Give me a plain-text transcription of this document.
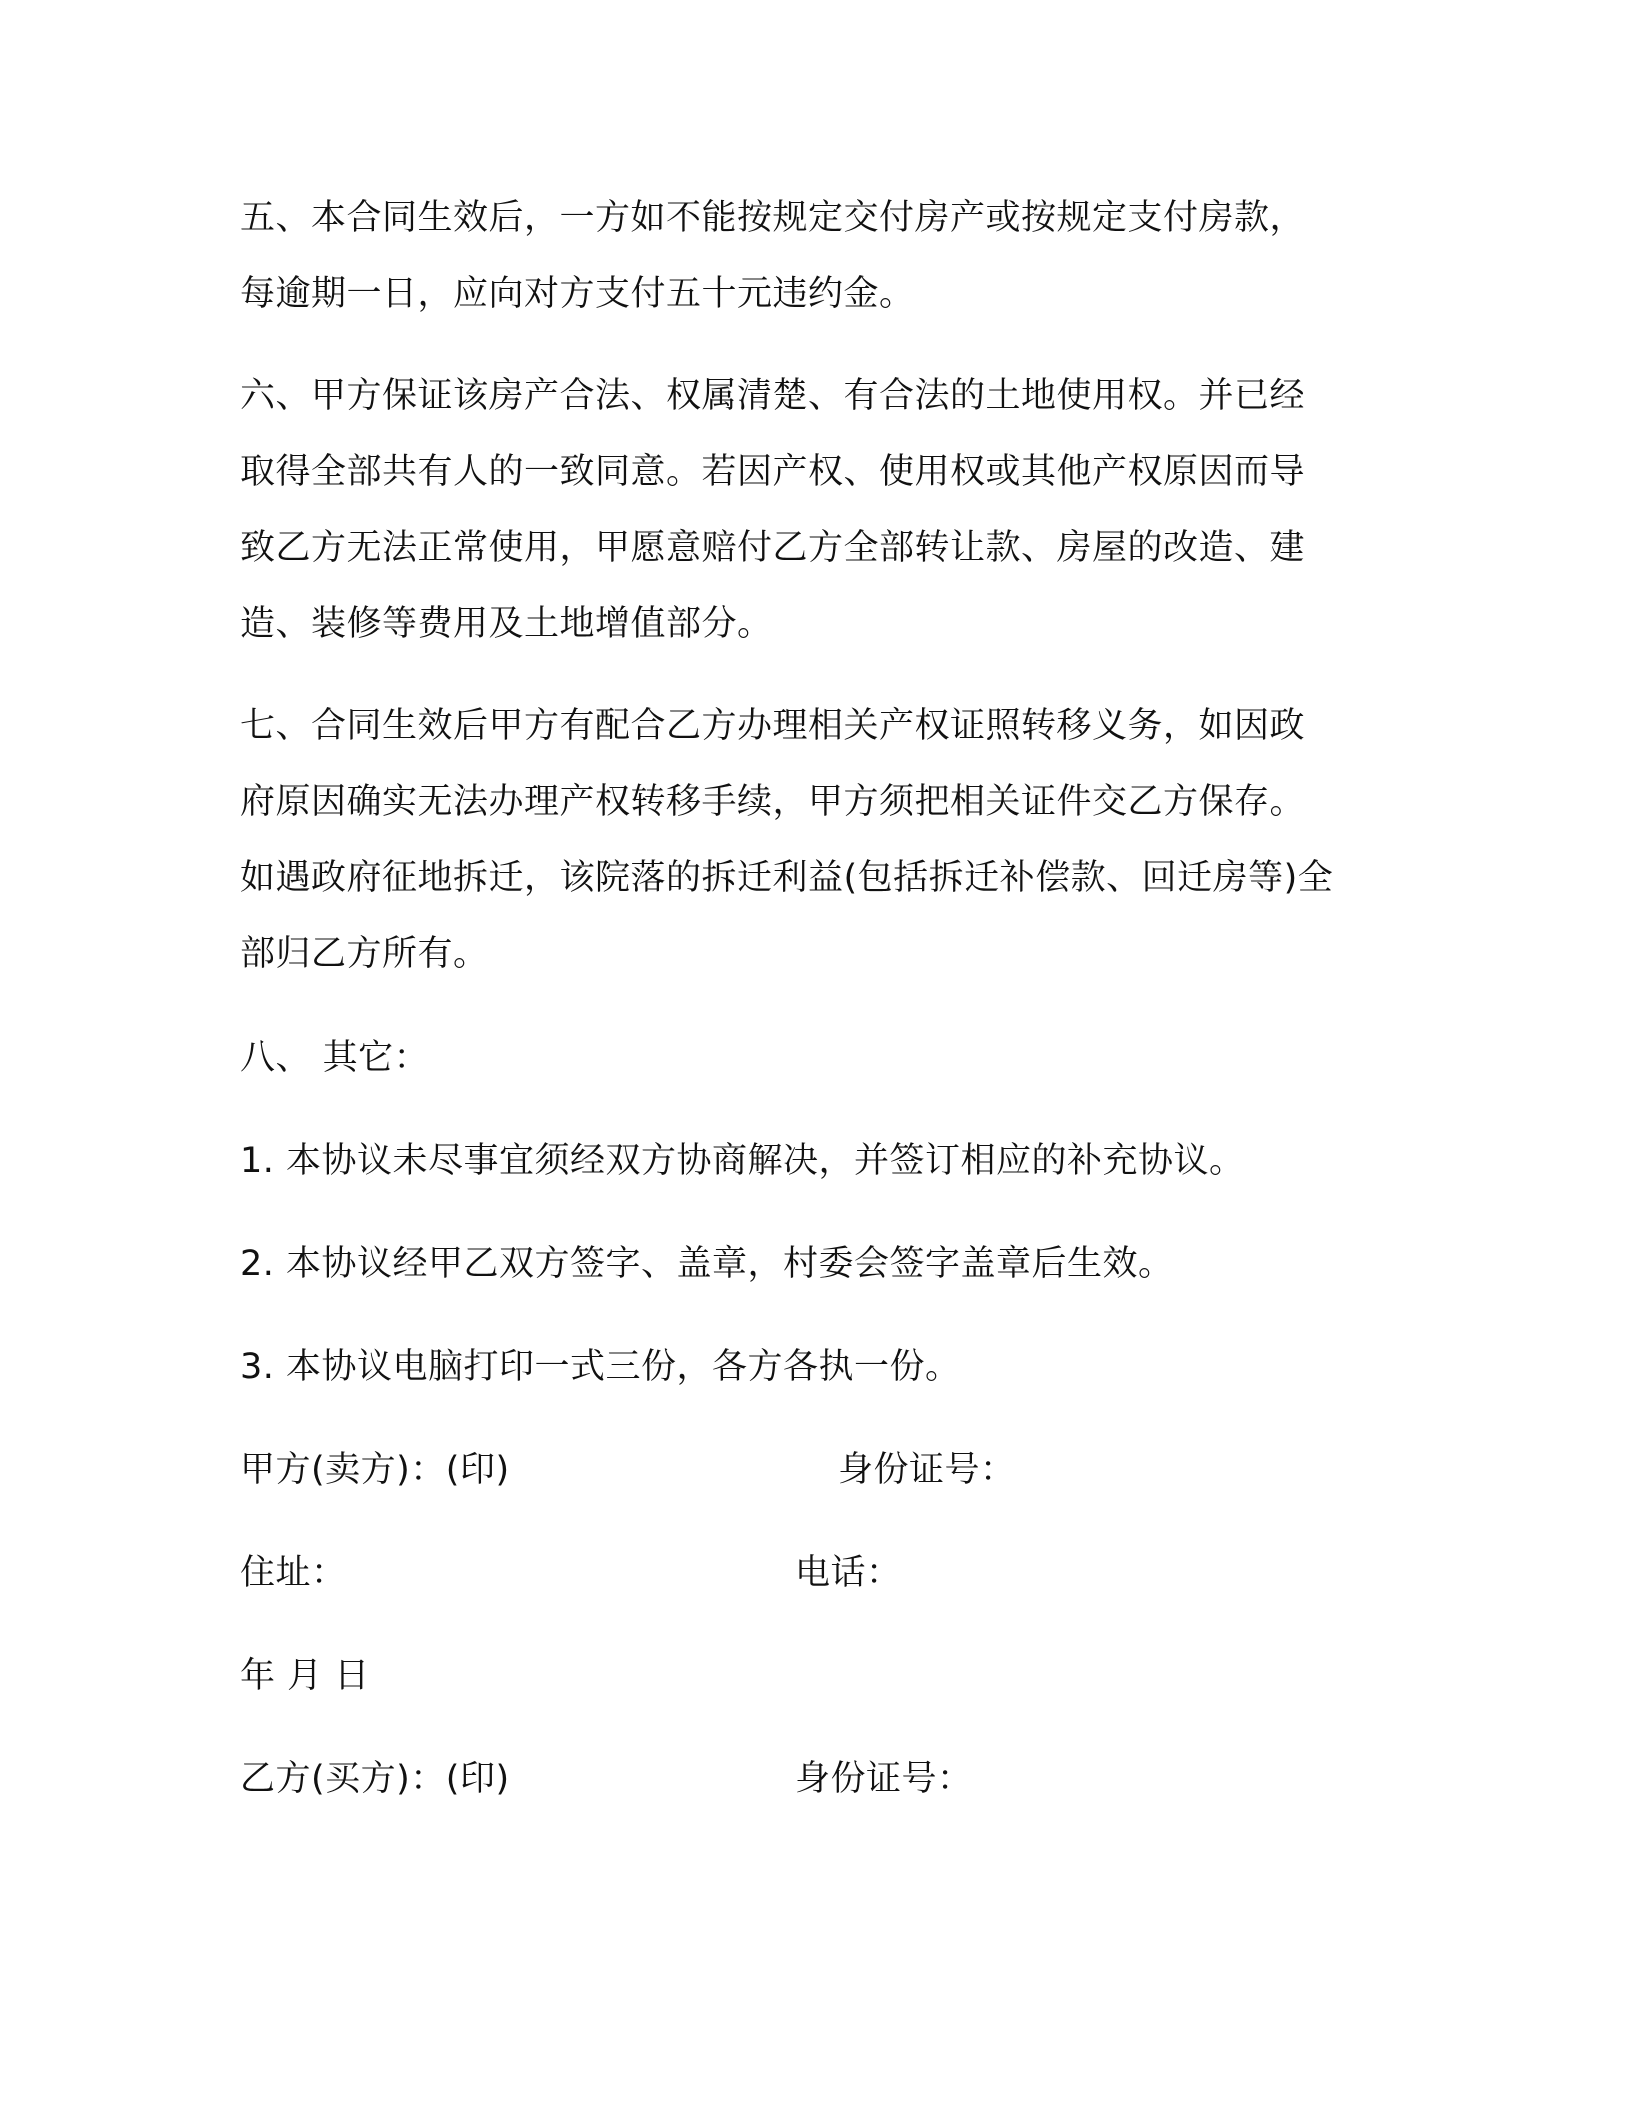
五、本合同生效后，一方如不能按规定交付房产或按规定支付房款，
每逾期一日，应向对方支付五十元违约金。
六、甲方保证该房产合法、权属清楚、有合法的土地使用权。并已经
取得全部共有人的一致同意。若因产权、使用权或其他产权原因而导
致乙方无法正常使用，甲愿意赔付乙方全部转让款、房屋的改造、建
造、装修等费用及土地增值部分。
七、合同生效后甲方有配合乙方办理相关产权证照转移义务，如因政
府原因确实无法办理产权转移手续，甲方须把相关证件交乙方保存。
如遇政府征地拆迁，该院落的拆迁利益(包括拆迁补偿款、回迁房等)全
部归乙方所有。
八、 其它：
1. 本协议未尽事宜须经双方协商解决，并签订相应的补充协议。
2. 本协议经甲乙双方签字、盖章，村委会签字盖章后生效。
3. 本协议电脑打印一式三份，各方各执一份。
甲方(卖方)：(印)	身份证号：
住址：	电话：
年 月 日
乙方(买方)：(印)	身份证号：
